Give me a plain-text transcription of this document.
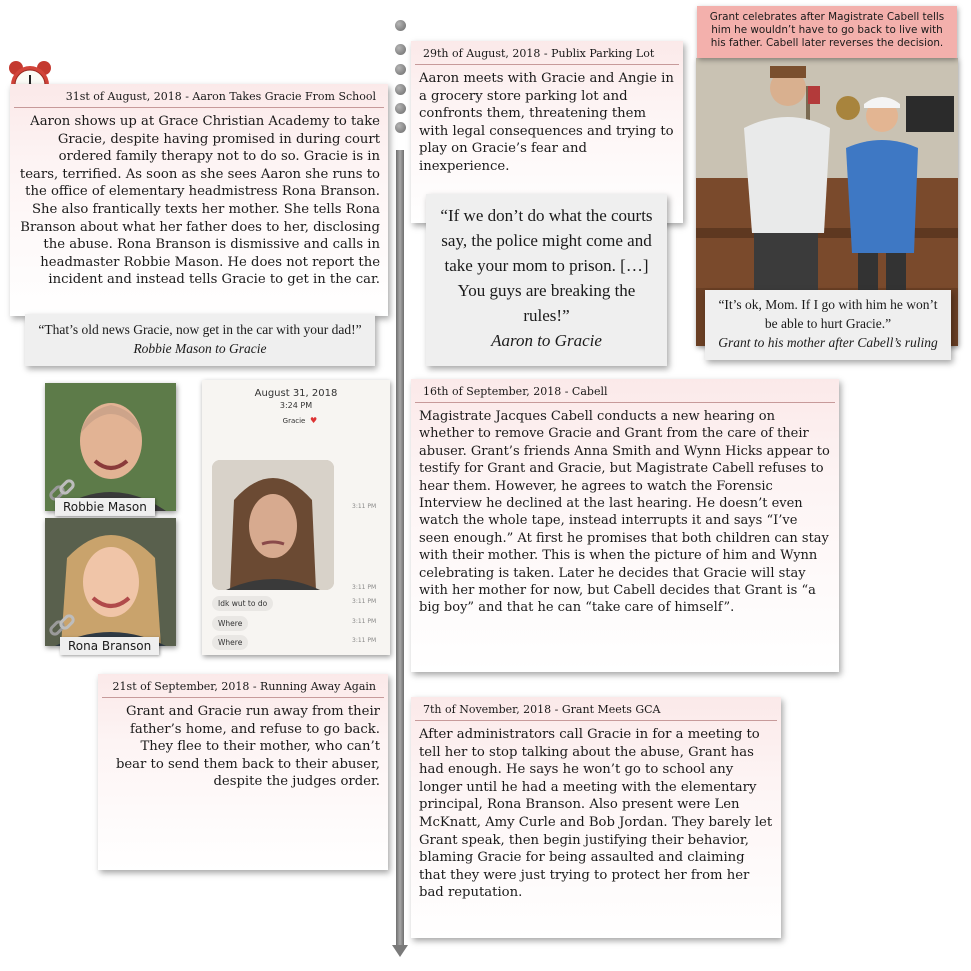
31st of August, 2018 - Aaron Takes Gracie From School
Aaron shows up at Grace Christian Academy to take Gracie, despite having promised in during court ordered family therapy not to do so. Gracie is in tears, terrified. As soon as she sees Aaron she runs to the office of elementary headmistress Rona Branson. She also frantically texts her mother. She tells Rona Branson about what her father does to her, disclosing the abuse. Rona Branson is dismissive and calls in headmaster Robbie Mason. He does not report the incident and instead tells Gracie to get in the car.
“That’s old news Gracie, now get in the car with your dad!”
Robbie Mason to Gracie
29th of August, 2018 - Publix Parking Lot
Aaron meets with Gracie and Angie in a grocery store parking lot and confronts them, threatening them with legal consequences and trying to play on Gracie’s fear and inexperience.
“If we don’t do what the courts say, the police might come and take your mom to prison. […] You guys are breaking the rules!”
Aaron to Gracie
Grant celebrates after Magistrate Cabell tells him he wouldn’t have to go back to live with his father. Cabell later reverses the decision.
“It’s ok, Mom. If I go with him he won’t be able to hurt Gracie.”
Grant to his mother after Cabell’s ruling
Robbie Mason
Rona Branson
August 31, 2018
3:24 PM
Gracie ♥
3:11 PM
3:11 PM
Idk wut to do	3:11 PM
Where	3:11 PM
Where	3:11 PM
16th of September, 2018 - Cabell
Magistrate Jacques Cabell conducts a new hearing on whether to remove Gracie and Grant from the care of their abuser. Grant’s friends Anna Smith and Wynn Hicks appear to testify for Grant and Gracie, but Magistrate Cabell refuses to hear them. However, he agrees to watch the Forensic Interview he declined at the last hearing. He doesn’t even watch the whole tape, instead interrupts it and says “I’ve seen enough.” At first he promises that both children can stay with their mother. This is when the picture of him and Wynn celebrating is taken. Later he decides that Gracie will stay with her mother for now, but Cabell decides that Grant is “a big boy” and that he can “take care of himself”.
21st of September, 2018 - Running Away Again
Grant and Gracie run away from their father’s home, and refuse to go back. They flee to their mother, who can’t bear to send them back to their abuser, despite the judges order.
7th of November, 2018 - Grant Meets GCA
After administrators call Gracie in for a meeting to tell her to stop talking about the abuse, Grant has had enough. He says he won’t go to school any longer until he had a meeting with the elementary principal, Rona Branson. Also present were Len McKnatt, Amy Curle and Bob Jordan. They barely let Grant speak, then begin justifying their behavior, blaming Gracie for being assaulted and claiming that they were just trying to protect her from her bad reputation.
